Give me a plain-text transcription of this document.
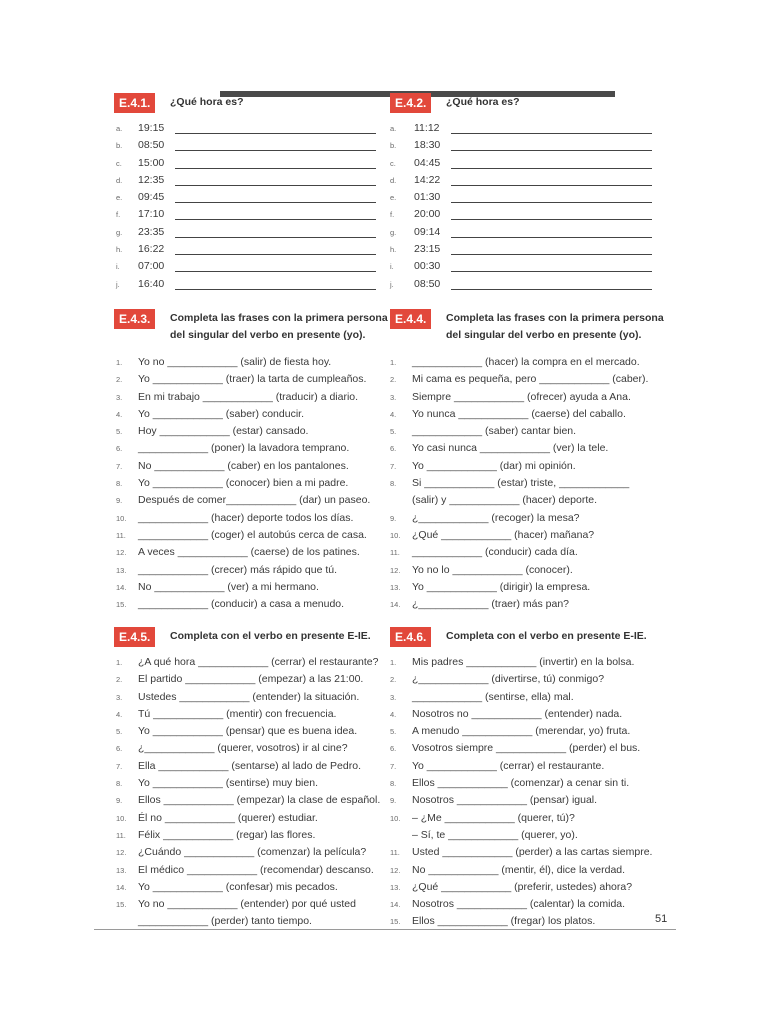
E.4.1.	¿Qué hora es?
a. 19:15
b. 08:50
c. 15:00
d. 12:35
e. 09:45
f. 17:10
g. 23:35
h. 16:22
i. 07:00
j. 16:40
E.4.2.	¿Qué hora es?
a. 11:12
b. 18:30
c. 04:45
d. 14:22
e. 01:30
f. 20:00
g. 09:14
h. 23:15
i. 00:30
j. 08:50
E.4.3.	Completa las frases con la primera persona
del singular del verbo en presente (yo).
1. Yo no ____________ (salir) de fiesta hoy.
2. Yo ____________ (traer) la tarta de cumpleaños.
3. En mi trabajo ____________ (traducir) a diario.
4. Yo ____________ (saber) conducir.
5. Hoy ____________ (estar) cansado.
6. ____________ (poner) la lavadora temprano.
7. No ____________ (caber) en los pantalones.
8. Yo ____________ (conocer) bien a mi padre.
9. Después de comer____________ (dar) un paseo.
10. ____________ (hacer) deporte todos los días.
11. ____________ (coger) el autobús cerca de casa.
12. A veces ____________ (caerse) de los patines.
13. ____________ (crecer) más rápido que tú.
14. No ____________ (ver) a mi hermano.
15. ____________ (conducir) a casa a menudo.
E.4.4.	Completa las frases con la primera persona
del singular del verbo en presente (yo).
1. ____________ (hacer) la compra en el mercado.
2. Mi cama es pequeña, pero ____________ (caber).
3. Siempre ____________ (ofrecer) ayuda a Ana.
4. Yo nunca ____________ (caerse) del caballo.
5. ____________ (saber) cantar bien.
6. Yo casi nunca ____________ (ver) la tele.
7. Yo ____________ (dar) mi opinión.
8. Si ____________ (estar) triste, ____________
(salir) y ____________ (hacer) deporte.
9. ¿____________ (recoger) la mesa?
10. ¿Qué ____________ (hacer) mañana?
11. ____________ (conducir) cada día.
12. Yo no lo ____________ (conocer).
13. Yo ____________ (dirigir) la empresa.
14. ¿____________ (traer) más pan?
E.4.5.	Completa con el verbo en presente E-IE.
1. ¿A qué hora ____________ (cerrar) el restaurante?
2. El partido ____________ (empezar) a las 21:00.
3. Ustedes ____________ (entender) la situación.
4. Tú ____________ (mentir) con frecuencia.
5. Yo ____________ (pensar) que es buena idea.
6. ¿____________ (querer, vosotros) ir al cine?
7. Ella ____________ (sentarse) al lado de Pedro.
8. Yo ____________ (sentirse) muy bien.
9. Ellos ____________ (empezar) la clase de español.
10. Él no ____________ (querer) estudiar.
11. Félix ____________ (regar) las flores.
12. ¿Cuándo ____________ (comenzar) la película?
13. El médico ____________ (recomendar) descanso.
14. Yo ____________ (confesar) mis pecados.
15. Yo no ____________ (entender) por qué usted
____________ (perder) tanto tiempo.
E.4.6.	Completa con el verbo en presente E-IE.
1. Mis padres ____________ (invertir) en la bolsa.
2. ¿____________ (divertirse, tú) conmigo?
3. ____________ (sentirse, ella) mal.
4. Nosotros no ____________ (entender) nada.
5. A menudo ____________ (merendar, yo) fruta.
6. Vosotros siempre ____________ (perder) el bus.
7. Yo ____________ (cerrar) el restaurante.
8. Ellos ____________ (comenzar) a cenar sin ti.
9. Nosotros ____________ (pensar) igual.
10. – ¿Me ____________ (querer, tú)?
– Sí, te ____________ (querer, yo).
11. Usted ____________ (perder) a las cartas siempre.
12. No ____________ (mentir, él), dice la verdad.
13. ¿Qué ____________ (preferir, ustedes) ahora?
14. Nosotros ____________ (calentar) la comida.
15. Ellos ____________ (fregar) los platos.	51
